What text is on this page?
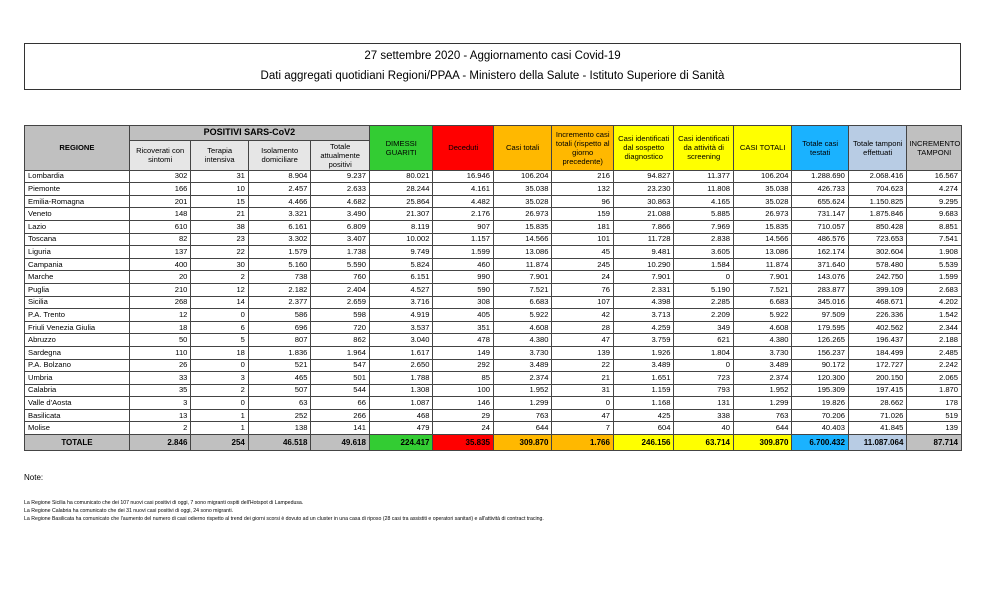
27 settembre 2020 - Aggiornamento casi Covid-19
Dati aggregati quotidiani Regioni/PPAA - Ministero della Salute - Istituto Superiore di Sanità
REGIONE	POSITIVI SARS-CoV2				DIMESSI GUARITI	Deceduti	Casi totali	Incremento casi totali (rispetto al giorno precedente)	Casi identificati dal sospetto diagnostico	Casi identificati da attività di screening	CASI TOTALI	Totale casi testati	Totale tamponi effettuati	INCREMENTO TAMPONI
	Ricoverati con sintomi	Terapia intensiva	Isolamento domiciliare	Totale attualmente positivi										
Lombardia	302	31	8.904	9.237	80.021	16.946	106.204	216	94.827	11.377	106.204	1.288.690	2.068.416	16.567
Piemonte	166	10	2.457	2.633	28.244	4.161	35.038	132	23.230	11.808	35.038	426.733	704.623	4.274
Emilia-Romagna	201	15	4.466	4.682	25.864	4.482	35.028	96	30.863	4.165	35.028	655.624	1.150.825	9.295
Veneto	148	21	3.321	3.490	21.307	2.176	26.973	159	21.088	5.885	26.973	731.147	1.875.846	9.683
Lazio	610	38	6.161	6.809	8.119	907	15.835	181	7.866	7.969	15.835	710.057	850.428	8.851
Toscana	82	23	3.302	3.407	10.002	1.157	14.566	101	11.728	2.838	14.566	486.576	723.653	7.541
Liguria	137	22	1.579	1.738	9.749	1.599	13.086	45	9.481	3.605	13.086	162.174	302.604	1.908
Campania	400	30	5.160	5.590	5.824	460	11.874	245	10.290	1.584	11.874	371.640	578.480	5.539
Marche	20	2	738	760	6.151	990	7.901	24	7.901	0	7.901	143.076	242.750	1.599
Puglia	210	12	2.182	2.404	4.527	590	7.521	76	2.331	5.190	7.521	283.877	399.109	2.683
Sicilia	268	14	2.377	2.659	3.716	308	6.683	107	4.398	2.285	6.683	345.016	468.671	4.202
P.A. Trento	12	0	586	598	4.919	405	5.922	42	3.713	2.209	5.922	97.509	226.336	1.542
Friuli Venezia Giulia	18	6	696	720	3.537	351	4.608	28	4.259	349	4.608	179.595	402.562	2.344
Abruzzo	50	5	807	862	3.040	478	4.380	47	3.759	621	4.380	126.265	196.437	2.188
Sardegna	110	18	1.836	1.964	1.617	149	3.730	139	1.926	1.804	3.730	156.237	184.499	2.485
P.A. Bolzano	26	0	521	547	2.650	292	3.489	22	3.489	0	3.489	90.172	172.727	2.242
Umbria	33	3	465	501	1.788	85	2.374	21	1.651	723	2.374	120.300	200.150	2.065
Calabria	35	2	507	544	1.308	100	1.952	31	1.159	793	1.952	195.309	197.415	1.870
Valle d'Aosta	3	0	63	66	1.087	146	1.299	0	1.168	131	1.299	19.826	28.662	178
Basilicata	13	1	252	266	468	29	763	47	425	338	763	70.206	71.026	519
Molise	2	1	138	141	479	24	644	7	604	40	644	40.403	41.845	139
TOTALE	2.846	254	46.518	49.618	224.417	35.835	309.870	1.766	246.156	63.714	309.870	6.700.432	11.087.064	87.714
Note:

La Regione Sicilia ha comunicato che dei 107 nuovi casi positivi di oggi, 7 sono migranti ospiti dell'Hotspot di Lampedusa.

La Regione Calabria ha comunicato che dei 31 nuovi casi positivi di oggi, 24 sono migranti.

La Regione Basilicata ha comunicato che l'aumento del numero di casi odierno rispetto al trend dei giorni scorsi è dovuto ad un cluster in una casa di riposo (28 casi tra assistiti e operatori sanitari) e all'attività di contract tracing.
